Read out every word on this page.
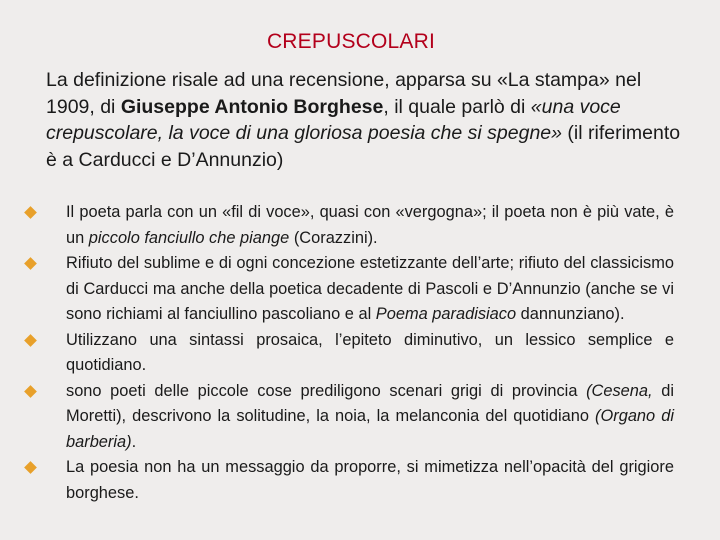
CREPUSCOLARI
La definizione risale ad una recensione, apparsa su «La stampa» nel 1909, di Giuseppe Antonio Borghese, il quale parlò di «una voce crepuscolare, la voce di una gloriosa poesia che si spegne» (il riferimento è a Carducci e D’Annunzio)
Il poeta parla con un «fil di voce», quasi con «vergogna»; il poeta non è più vate, è un piccolo fanciullo che piange (Corazzini).
Rifiuto del sublime e di ogni concezione estetizzante dell’arte; rifiuto del classicismo di Carducci ma anche della poetica decadente di Pascoli e D’Annunzio (anche se vi sono richiami al fanciullino pascoliano e al Poema paradisiaco dannunziano).
Utilizzano una sintassi prosaica, l’epiteto diminutivo, un lessico semplice e quotidiano.
sono poeti delle piccole cose prediligono scenari grigi di provincia (Cesena, di Moretti), descrivono la solitudine, la noia, la melanconia del quotidiano (Organo di barberia).
La poesia non ha un messaggio da proporre, si mimetizza nell’opacità del grigiore borghese.
